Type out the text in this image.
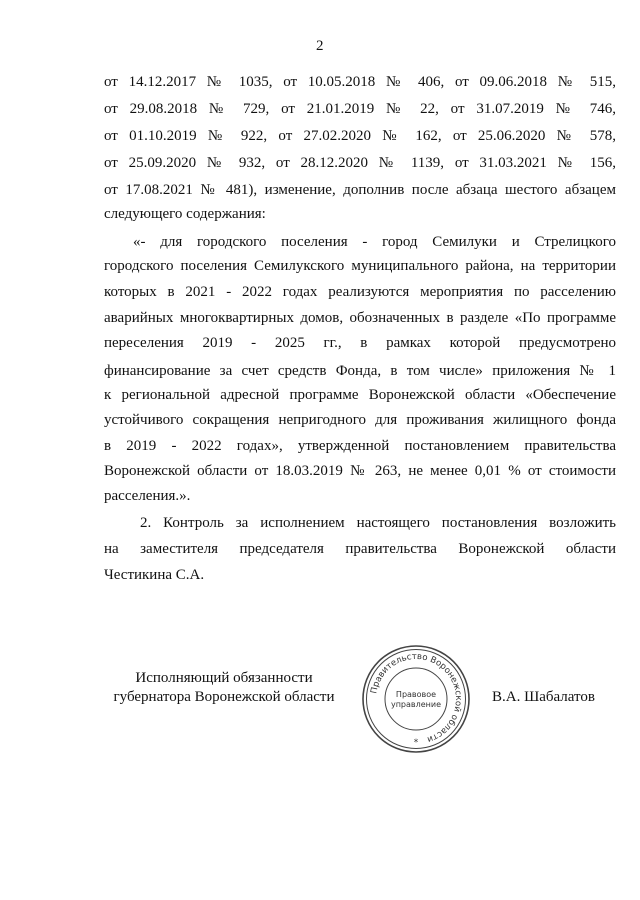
2
от 14.12.2017 № 1035, от 10.05.2018 № 406, от 09.06.2018 № 515,
от 29.08.2018 № 729, от 21.01.2019 № 22, от 31.07.2019 № 746,
от 01.10.2019 № 922, от 27.02.2020 № 162, от 25.06.2020 № 578,
от 25.09.2020 № 932, от 28.12.2020 № 1139, от 31.03.2021 № 156,
от 17.08.2021 № 481), изменение, дополнив после абзаца шестого абзацем
следующего содержания:
«- для городского поселения - город Семилуки и Стрелицкого
городского поселения Семилукского муниципального района, на территории
которых в 2021 - 2022 годах реализуются мероприятия по расселению
аварийных многоквартирных домов, обозначенных в разделе «По программе
переселения 2019 - 2025 гг., в рамках которой предусмотрено
финансирование за счет средств Фонда, в том числе» приложения № 1
к региональной адресной программе Воронежской области «Обеспечение
устойчивого сокращения непригодного для проживания жилищного фонда
в 2019 - 2022 годах», утвержденной постановлением правительства
Воронежской области от 18.03.2019 № 263, не менее 0,01 % от стоимости
расселения.».
2. Контроль за исполнением настоящего постановления возложить
на заместителя председателя правительства Воронежской области
Честикина С.А.
Исполняющий обязанности
губернатора Воронежской области	Правительство Воронежской области
Правовое
управление
*
В.А. Шабалатов
